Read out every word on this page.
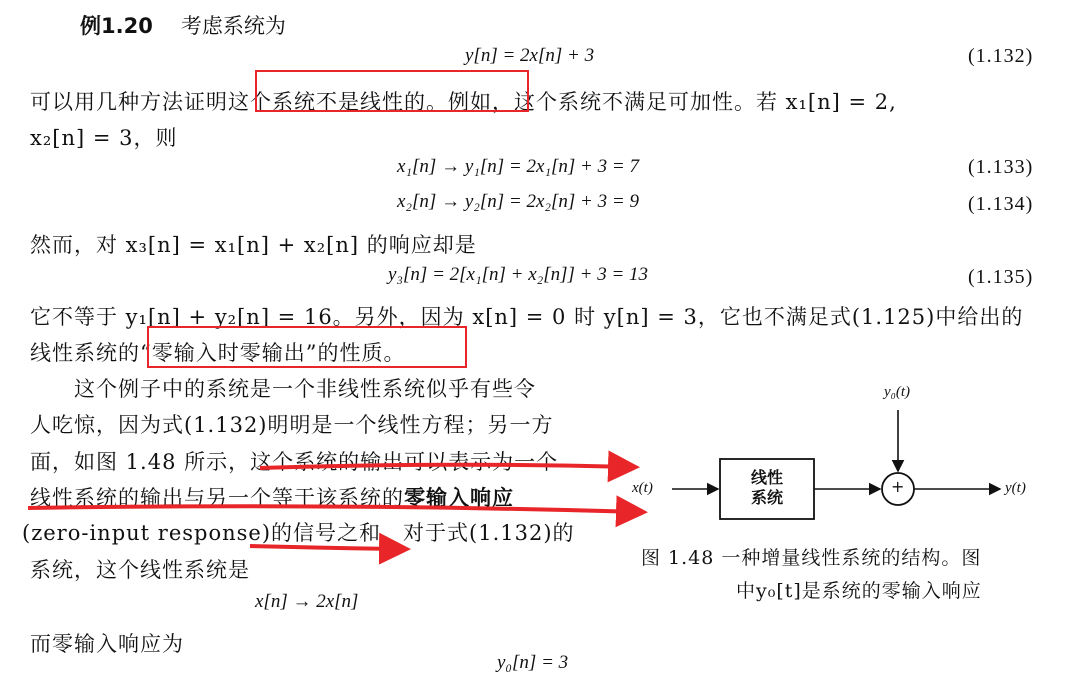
例1.20 考虑系统为
y[n] = 2x[n] + 3	(1.132)
可以用几种方法证明这个系统不是线性的。例如，这个系统不满足可加性。若 x₁[n] = 2,
x₂[n] = 3，则
x₁[n] → y₁[n] = 2x₁[n] + 3 = 7	(1.133)
x₂[n] → y₂[n] = 2x₂[n] + 3 = 9	(1.134)
然而，对 x₃[n] = x₁[n] + x₂[n] 的响应却是
y₃[n] = 2[x₁[n] + x₂[n]] + 3 = 13	(1.135)
它不等于 y₁[n] + y₂[n] = 16。另外，因为 x[n] = 0 时 y[n] = 3，它也不满足式(1.125)中给出的
线性系统的“零输入时零输出”的性质。
这个例子中的系统是一个非线性系统似乎有些令
人吃惊，因为式(1.132)明明是一个线性方程；另一方
面，如图 1.48 所示，这个系统的输出可以表示为一个
线性系统的输出与另一个等于该系统的零输入响应
(zero-input response)的信号之和。对于式(1.132)的
系统，这个线性系统是
x[n] → 2x[n]
而零输入响应为
y₀[n] = 3
x(t)	y(t)
y₀(t)
线性
系统
+
图 1.48 一种增量线性系统的结构。图
中y₀[t]是系统的零输入响应
